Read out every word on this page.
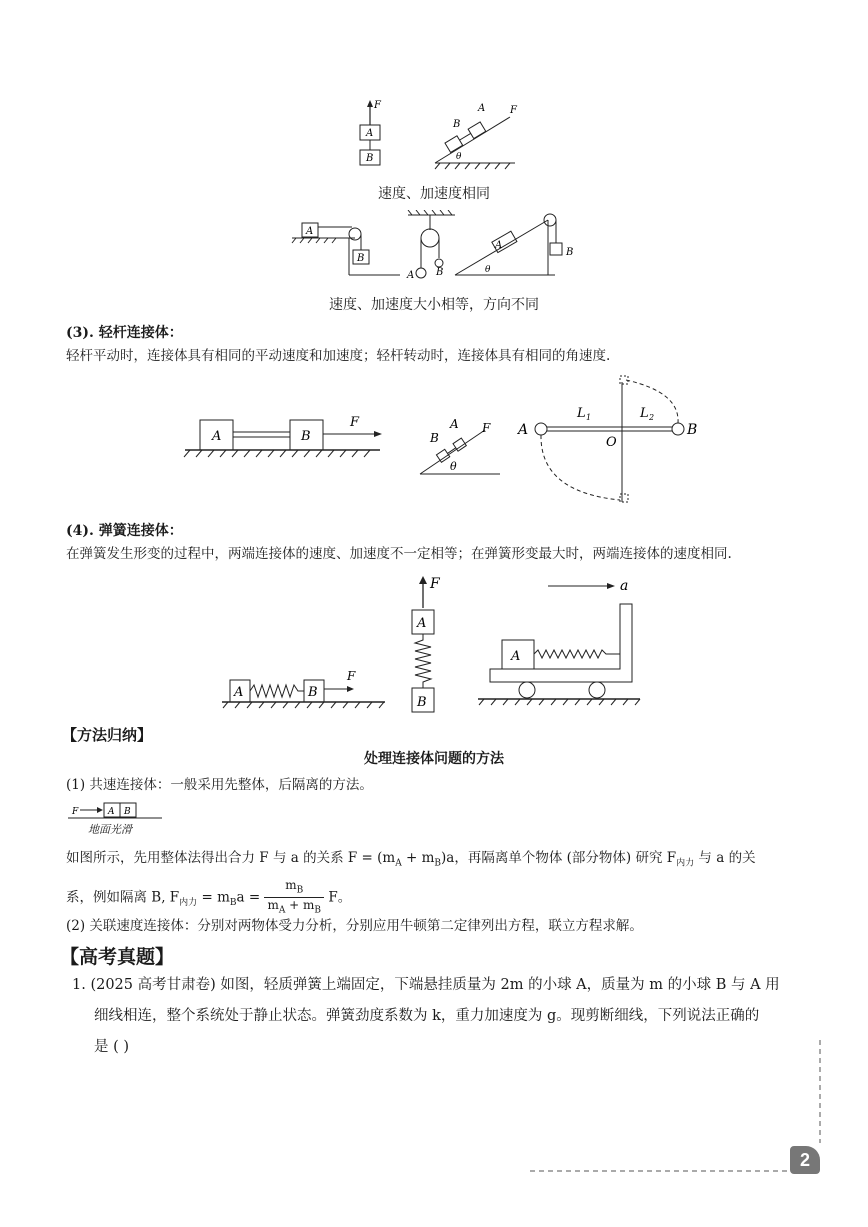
F
A
B
B
A F
θ
速度、加速度相同
A
B
A B
B
A
θ
速度、加速度大小相等，方向不同
(3). 轻杆连接体：
轻杆平动时，连接体具有相同的平动速度和加速度；轻杆转动时，连接体具有相同的角速度.
A	B
F
B
A F
θ
A	B
L 1	L 2
O
(4). 弹簧连接体：
在弹簧发生形变的过程中，两端连接体的速度、加速度不一定相等；在弹簧形变最大时，两端连接体的速度相同.
A	B
F
F
A
B
a
A
【方法归纳】
处理连接体问题的方法
(1) 共速连接体：一般采用先整体，后隔离的方法。
F	A B
地面光滑
如图所示，先用整体法得出合力 F 与 a 的关系 $F = (m_A + m_B)a$，再隔离单个物体 (部分物体) 研究 $F_{内力}$ 与 a 的关
系，例如隔离 B, $F_{内力} = m_Ba = \frac{m_B}{m_A + m_B}$ F。
(2) 关联速度连接体：分别对两物体受力分析，分别应用牛顿第二定律列出方程，联立方程求解。
【高考真题】
1. (2025 高考甘肃卷) 如图，轻质弹簧上端固定，下端悬挂质量为 2m 的小球 A，质量为 m 的小球 B 与 A 用
细线相连，整个系统处于静止状态。弹簧劲度系数为 k，重力加速度为 g。现剪断细线，下列说法正确的
是 ( )
2
